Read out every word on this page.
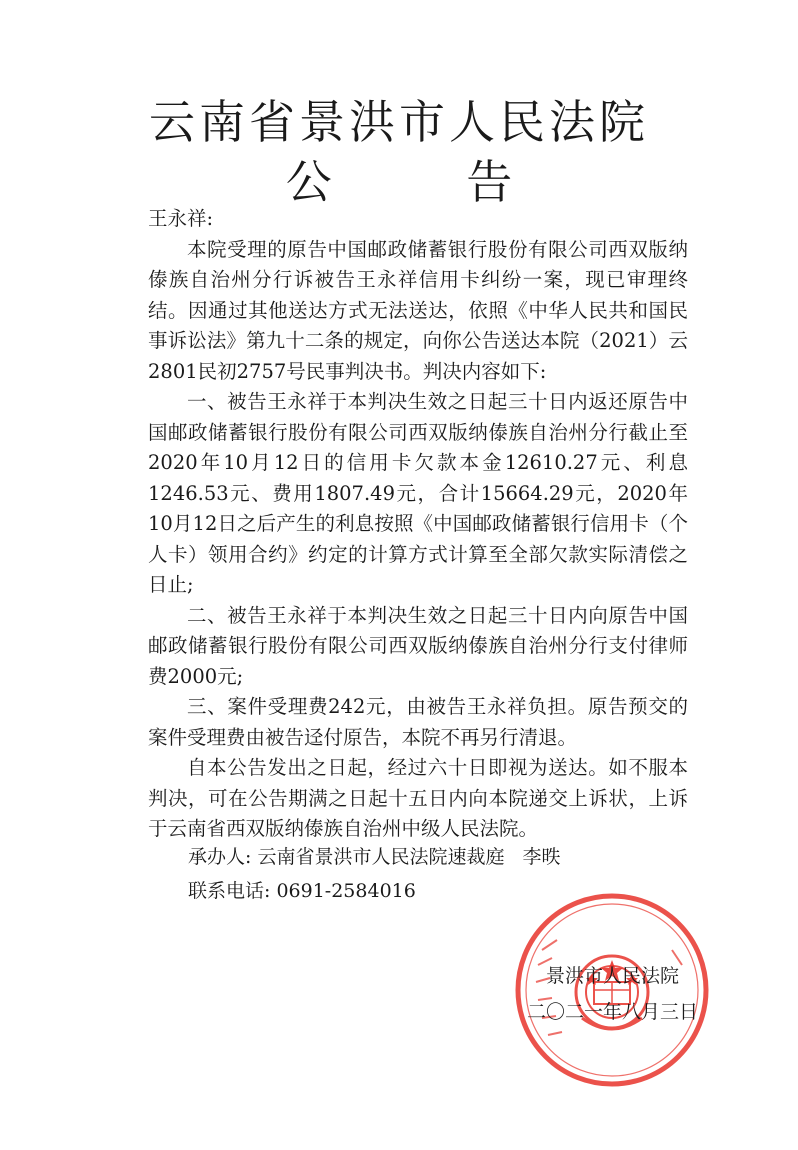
云南省景洪市人民法院
公 告

王永祥:

本院受理的原告中国邮政储蓄银行股份有限公司西双版纳傣族自治州分行诉被告王永祥信用卡纠纷一案，现已审理终结。因通过其他送达方式无法送达，依照《中华人民共和国民事诉讼法》第九十二条的规定，向你公告送达本院（2021）云2801民初2757号民事判决书。判决内容如下:

一、被告王永祥于本判决生效之日起三十日内返还原告中国邮政储蓄银行股份有限公司西双版纳傣族自治州分行截止至2020年10月12日的信用卡欠款本金12610.27元、利息1246.53元、费用1807.49元，合计15664.29元，2020年10月12日之后产生的利息按照《中国邮政储蓄银行信用卡（个人卡）领用合约》约定的计算方式计算至全部欠款实际清偿之日止;

二、被告王永祥于本判决生效之日起三十日内向原告中国邮政储蓄银行股份有限公司西双版纳傣族自治州分行支付律师费2000元;

三、案件受理费242元，由被告王永祥负担。原告预交的案件受理费由被告迳付原告，本院不再另行清退。

自本公告发出之日起，经过六十日即视为送达。如不服本判决，可在公告期满之日起十五日内向本院递交上诉状，上诉于云南省西双版纳傣族自治州中级人民法院。

承办人: 云南省景洪市人民法院速裁庭   李昳
联系电话: 0691-2584016
景洪市人民法院
二〇二一年八月三日
